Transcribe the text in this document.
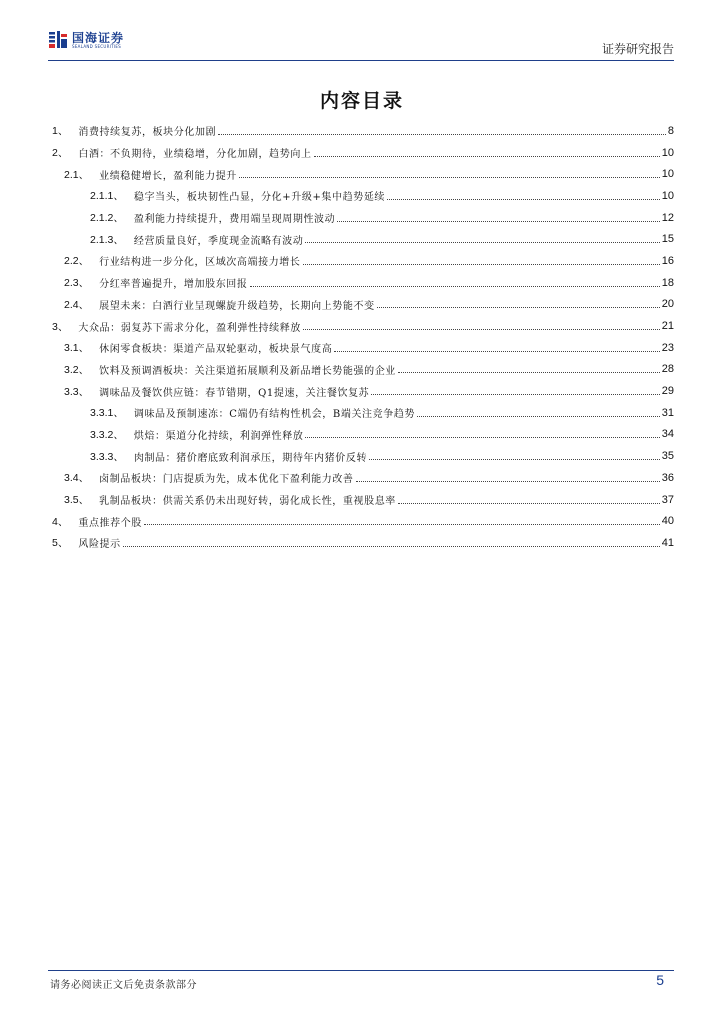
国海证券
SEALAND SECURITIES	证券研究报告
内容目录
1、 消费持续复苏，板块分化加剧	8
2、 白酒：不负期待，业绩稳增，分化加剧，趋势向上	10
2.1、 业绩稳健增长，盈利能力提升	10
2.1.1、 稳字当头，板块韧性凸显，分化+升级+集中趋势延续	10
2.1.2、 盈利能力持续提升，费用端呈现周期性波动	12
2.1.3、 经营质量良好，季度现金流略有波动	15
2.2、 行业结构进一步分化，区域次高端接力增长	16
2.3、 分红率普遍提升，增加股东回报	18
2.4、 展望未来：白酒行业呈现螺旋升级趋势，长期向上势能不变	20
3、 大众品：弱复苏下需求分化，盈利弹性持续释放	21
3.1、 休闲零食板块：渠道产品双轮驱动，板块景气度高	23
3.2、 饮料及预调酒板块：关注渠道拓展顺利及新品增长势能强的企业	28
3.3、 调味品及餐饮供应链：春节错期，Q1提速，关注餐饮复苏	29
3.3.1、 调味品及预制速冻：C端仍有结构性机会，B端关注竞争趋势	31
3.3.2、 烘焙：渠道分化持续，利润弹性释放	34
3.3.3、 肉制品：猪价磨底致利润承压，期待年内猪价反转	35
3.4、 卤制品板块：门店提质为先，成本优化下盈利能力改善	36
3.5、 乳制品板块：供需关系仍未出现好转，弱化成长性，重视股息率	37
4、 重点推荐个股	40
5、 风险提示	41
请务必阅读正文后免责条款部分	5
